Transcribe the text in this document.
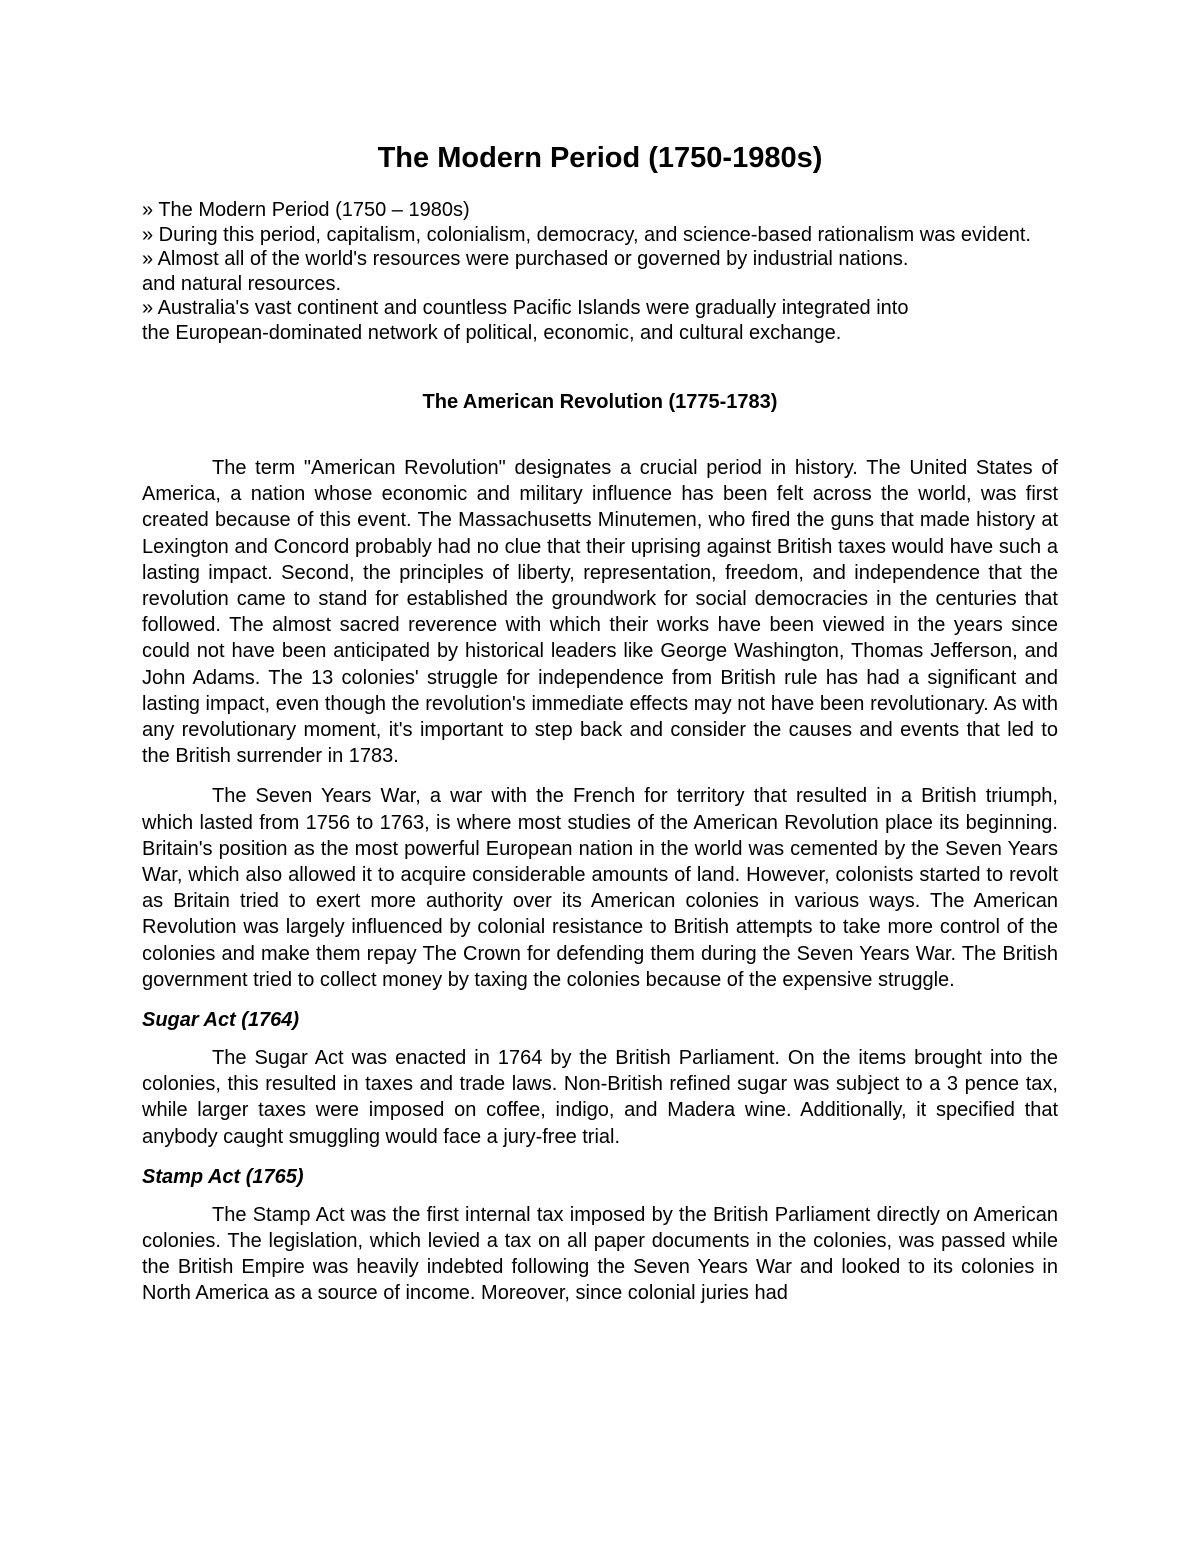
The Modern Period (1750-1980s)
» The Modern Period (1750 – 1980s)
» During this period, capitalism, colonialism, democracy, and science-based rationalism was evident.
» Almost all of the world's resources were purchased or governed by industrial nations.
and natural resources.
» Australia's vast continent and countless Pacific Islands were gradually integrated into
the European-dominated network of political, economic, and cultural exchange.
The American Revolution (1775-1783)

The term "American Revolution" designates a crucial period in history. The United States of America, a nation whose economic and military influence has been felt across the world, was first created because of this event. The Massachusetts Minutemen, who fired the guns that made history at Lexington and Concord probably had no clue that their uprising against British taxes would have such a lasting impact. Second, the principles of liberty, representation, freedom, and independence that the revolution came to stand for established the groundwork for social democracies in the centuries that followed. The almost sacred reverence with which their works have been viewed in the years since could not have been anticipated by historical leaders like George Washington, Thomas Jefferson, and John Adams. The 13 colonies' struggle for independence from British rule has had a significant and lasting impact, even though the revolution's immediate effects may not have been revolutionary. As with any revolutionary moment, it's important to step back and consider the causes and events that led to the British surrender in 1783.

The Seven Years War, a war with the French for territory that resulted in a British triumph, which lasted from 1756 to 1763, is where most studies of the American Revolution place its beginning. Britain's position as the most powerful European nation in the world was cemented by the Seven Years War, which also allowed it to acquire considerable amounts of land. However, colonists started to revolt as Britain tried to exert more authority over its American colonies in various ways. The American Revolution was largely influenced by colonial resistance to British attempts to take more control of the colonies and make them repay The Crown for defending them during the Seven Years War. The British government tried to collect money by taxing the colonies because of the expensive struggle.

Sugar Act (1764)

The Sugar Act was enacted in 1764 by the British Parliament. On the items brought into the colonies, this resulted in taxes and trade laws. Non-British refined sugar was subject to a 3 pence tax, while larger taxes were imposed on coffee, indigo, and Madera wine. Additionally, it specified that anybody caught smuggling would face a jury-free trial.

Stamp Act (1765)

The Stamp Act was the first internal tax imposed by the British Parliament directly on American colonies. The legislation, which levied a tax on all paper documents in the colonies, was passed while the British Empire was heavily indebted following the Seven Years War and looked to its colonies in North America as a source of income. Moreover, since colonial juries had
